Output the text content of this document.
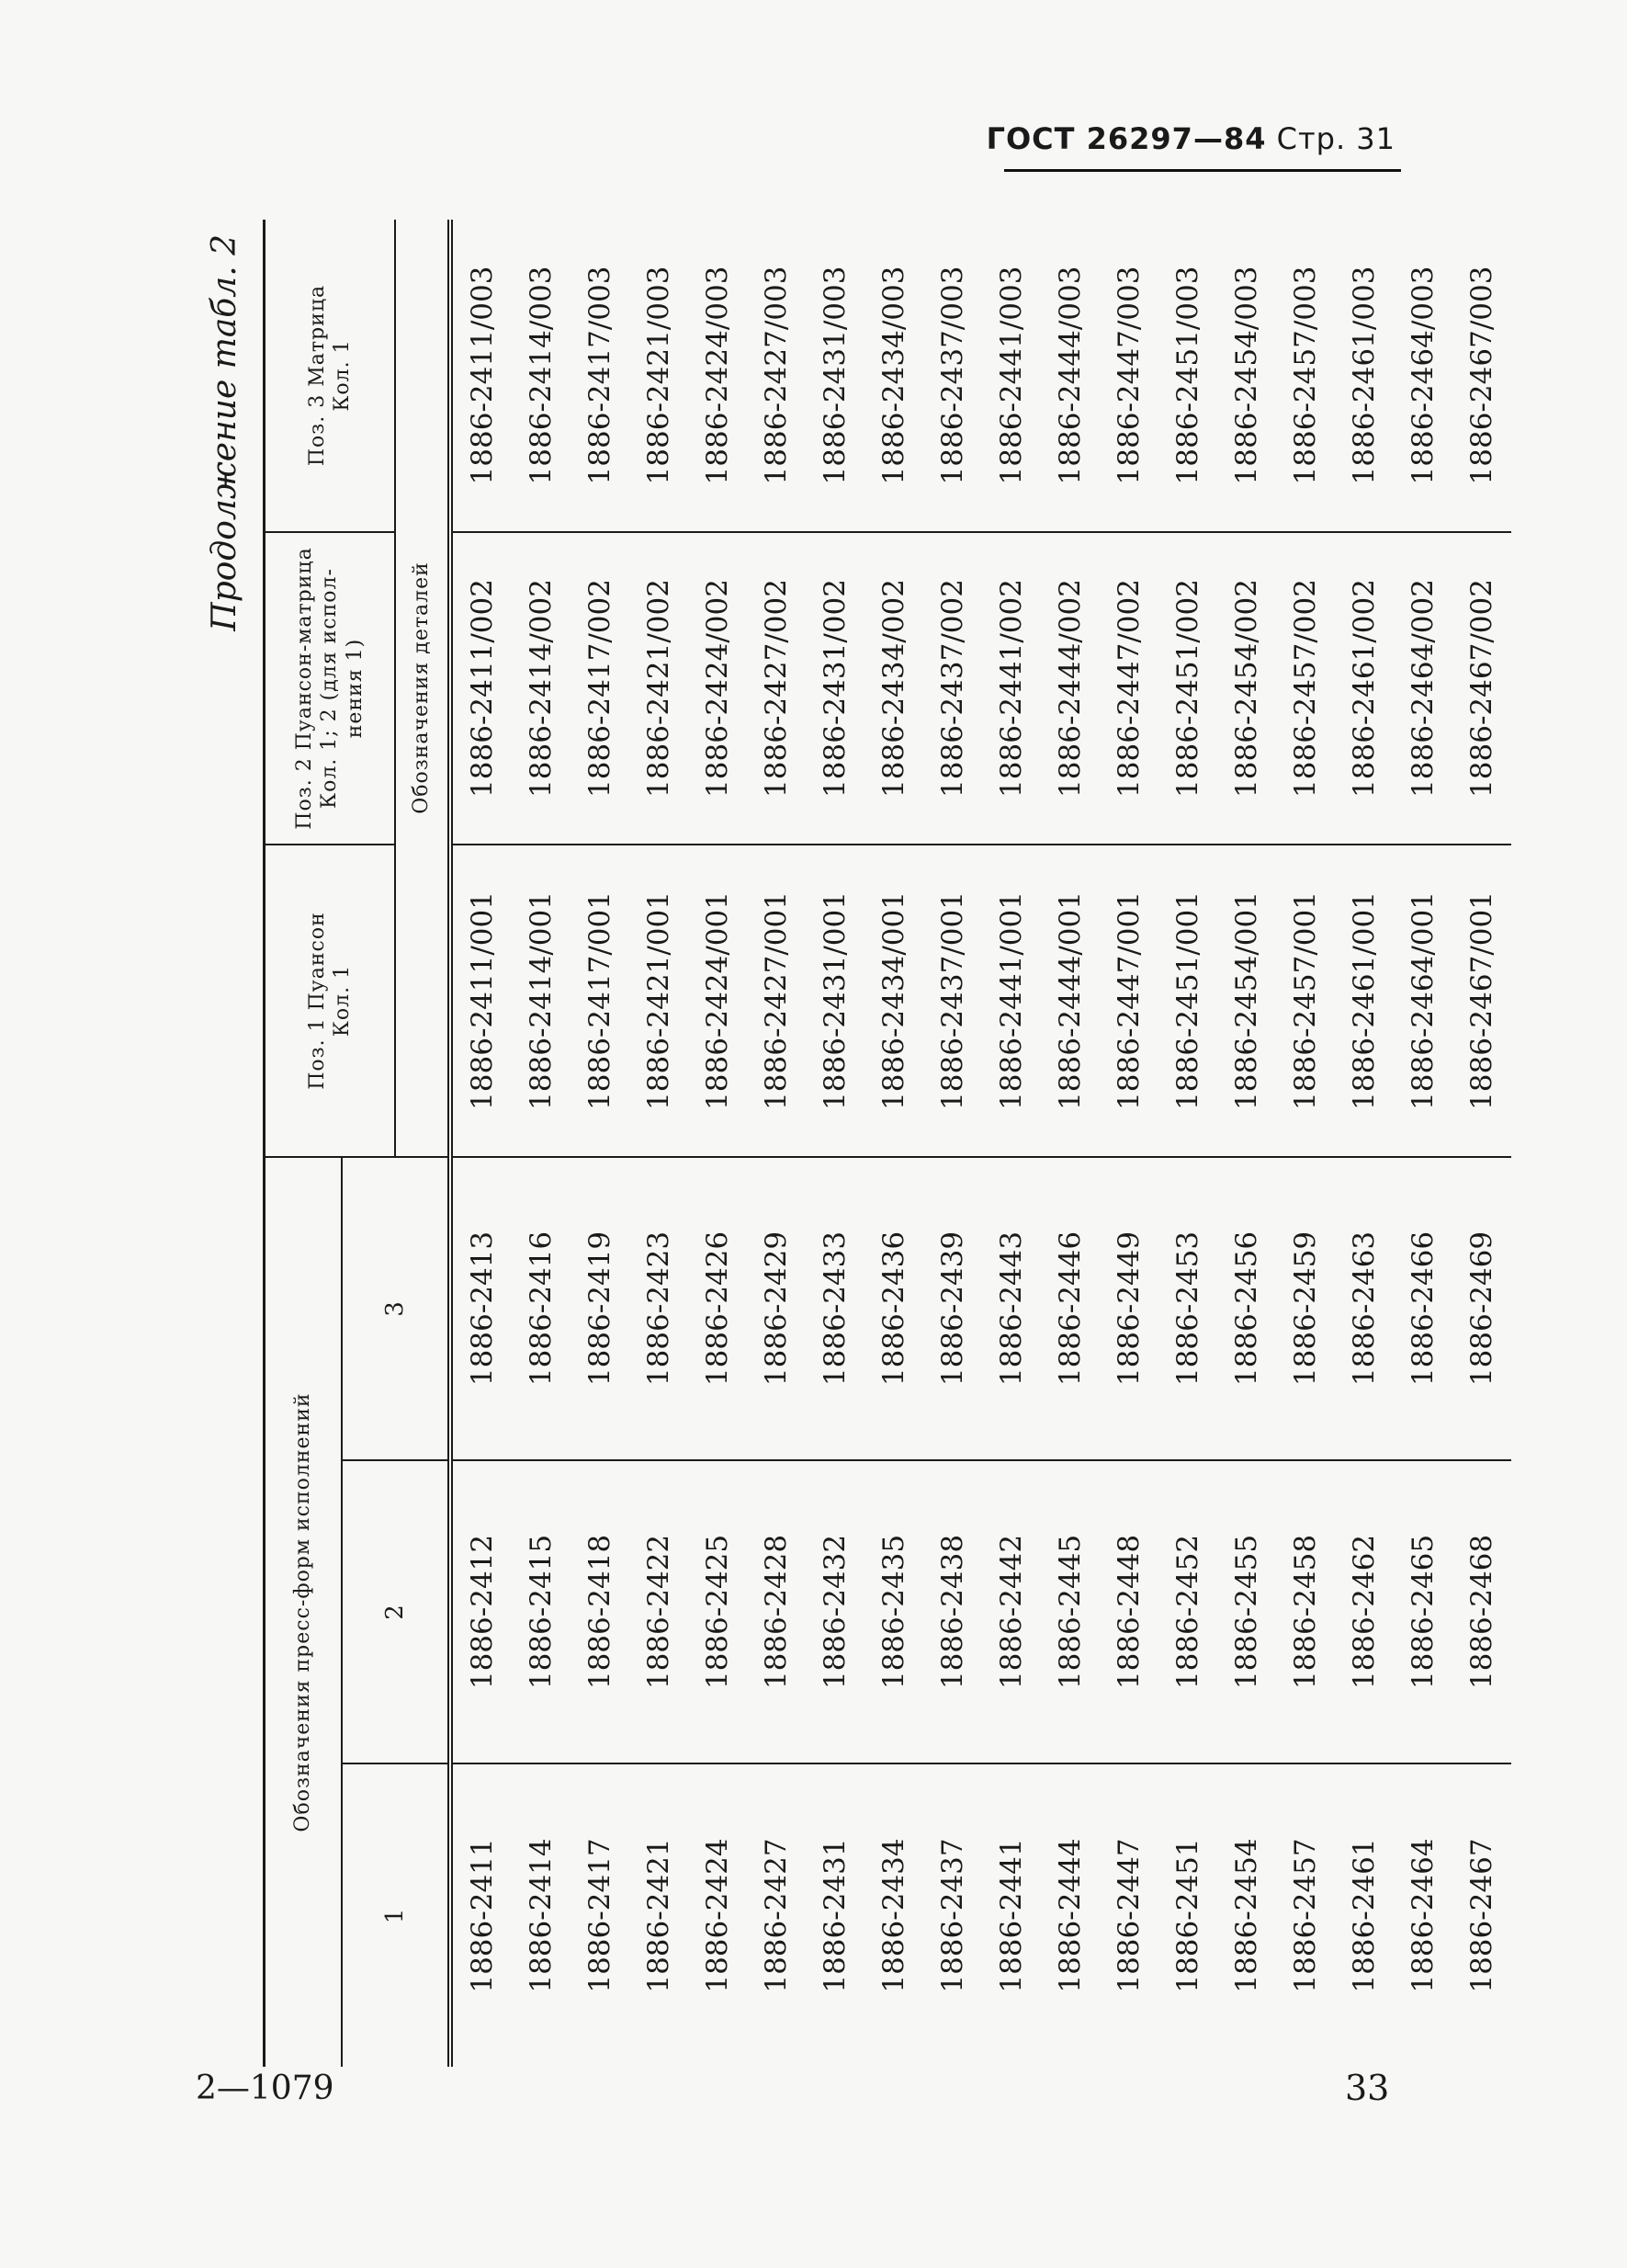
ГОСТ 26297—84 Стр. 31
Продолжение табл. 2
Обозначения пресс-форм исполнений			Поз. 1 Пуансон
Кол. 1	Поз. 2 Пуансон-матрица
Кол. 1; 2 (для испол-
нения 1)	Поз. 3 Матрица
Кол. 1
1	2	3			
			Обозначения деталей		
1886-2411	1886-2412	1886-2413	1886-2411/001	1886-2411/002	1886-2411/003
1886-2414	1886-2415	1886-2416	1886-2414/001	1886-2414/002	1886-2414/003
1886-2417	1886-2418	1886-2419	1886-2417/001	1886-2417/002	1886-2417/003
1886-2421	1886-2422	1886-2423	1886-2421/001	1886-2421/002	1886-2421/003
1886-2424	1886-2425	1886-2426	1886-2424/001	1886-2424/002	1886-2424/003
1886-2427	1886-2428	1886-2429	1886-2427/001	1886-2427/002	1886-2427/003
1886-2431	1886-2432	1886-2433	1886-2431/001	1886-2431/002	1886-2431/003
1886-2434	1886-2435	1886-2436	1886-2434/001	1886-2434/002	1886-2434/003
1886-2437	1886-2438	1886-2439	1886-2437/001	1886-2437/002	1886-2437/003
1886-2441	1886-2442	1886-2443	1886-2441/001	1886-2441/002	1886-2441/003
1886-2444	1886-2445	1886-2446	1886-2444/001	1886-2444/002	1886-2444/003
1886-2447	1886-2448	1886-2449	1886-2447/001	1886-2447/002	1886-2447/003
1886-2451	1886-2452	1886-2453	1886-2451/001	1886-2451/002	1886-2451/003
1886-2454	1886-2455	1886-2456	1886-2454/001	1886-2454/002	1886-2454/003
1886-2457	1886-2458	1886-2459	1886-2457/001	1886-2457/002	1886-2457/003
1886-2461	1886-2462	1886-2463	1886-2461/001	1886-2461/002	1886-2461/003
1886-2464	1886-2465	1886-2466	1886-2464/001	1886-2464/002	1886-2464/003
1886-2467	1886-2468	1886-2469	1886-2467/001	1886-2467/002	1886-2467/003
2—1079	33
